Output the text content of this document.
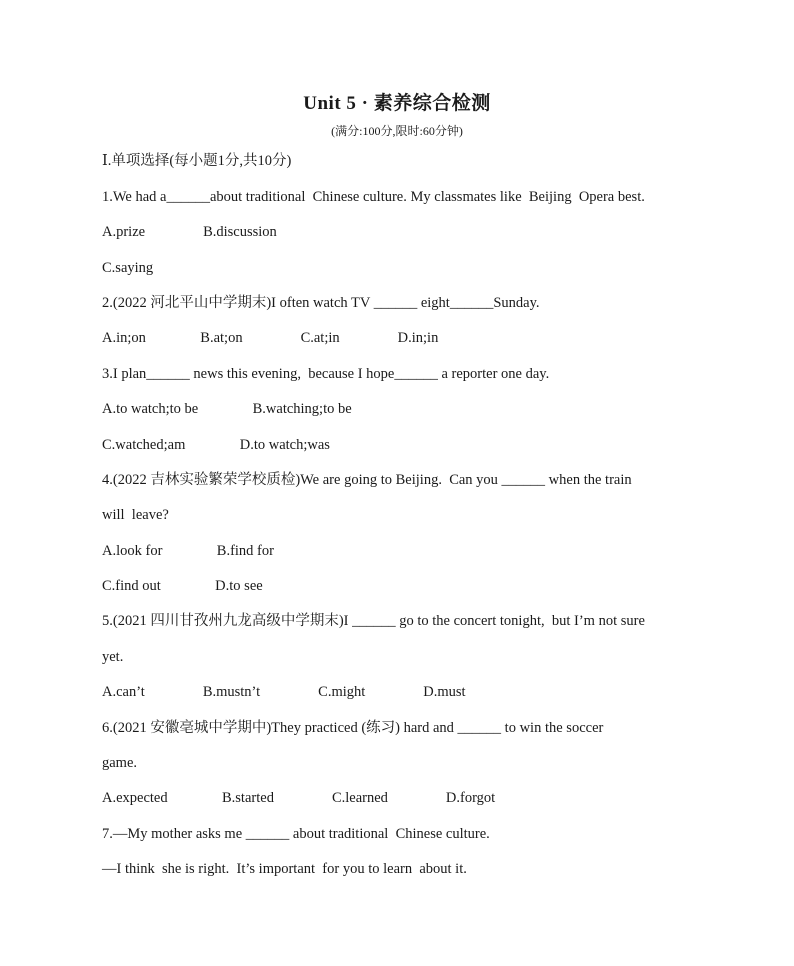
Unit 5 · 素养综合检测
(满分:100分,限时:60分钟)
Ⅰ.单项选择(每小题1分,共10分)
1.We had a______about traditional  Chinese culture. My classmates like  Beijing  Opera best.
A.prize                B.discussion
C.saying
2.(2022 河北平山中学期末)I often watch TV ______ eight______Sunday.
A.in;on               B.at;on                C.at;in                D.in;in
3.I plan______ news this evening,  because I hope______ a reporter one day.
A.to watch;to be               B.watching;to be
C.watched;am               D.to watch;was
4.(2022 吉林实验繁荣学校质检)We are going to Beijing.  Can you ______ when the train
will  leave?
A.look for               B.find for
C.find out               D.to see
5.(2021 四川甘孜州九龙高级中学期末)I ______ go to the concert tonight,  but I’m not sure
yet.
A.can’t                B.mustn’t                C.might                D.must
6.(2021 安徽亳城中学期中)They practiced (练习) hard and ______ to win the soccer
game.
A.expected               B.started                C.learned                D.forgot
7.—My mother asks me ______ about traditional  Chinese culture.
—I think  she is right.  It’s important  for you to learn  about it.
